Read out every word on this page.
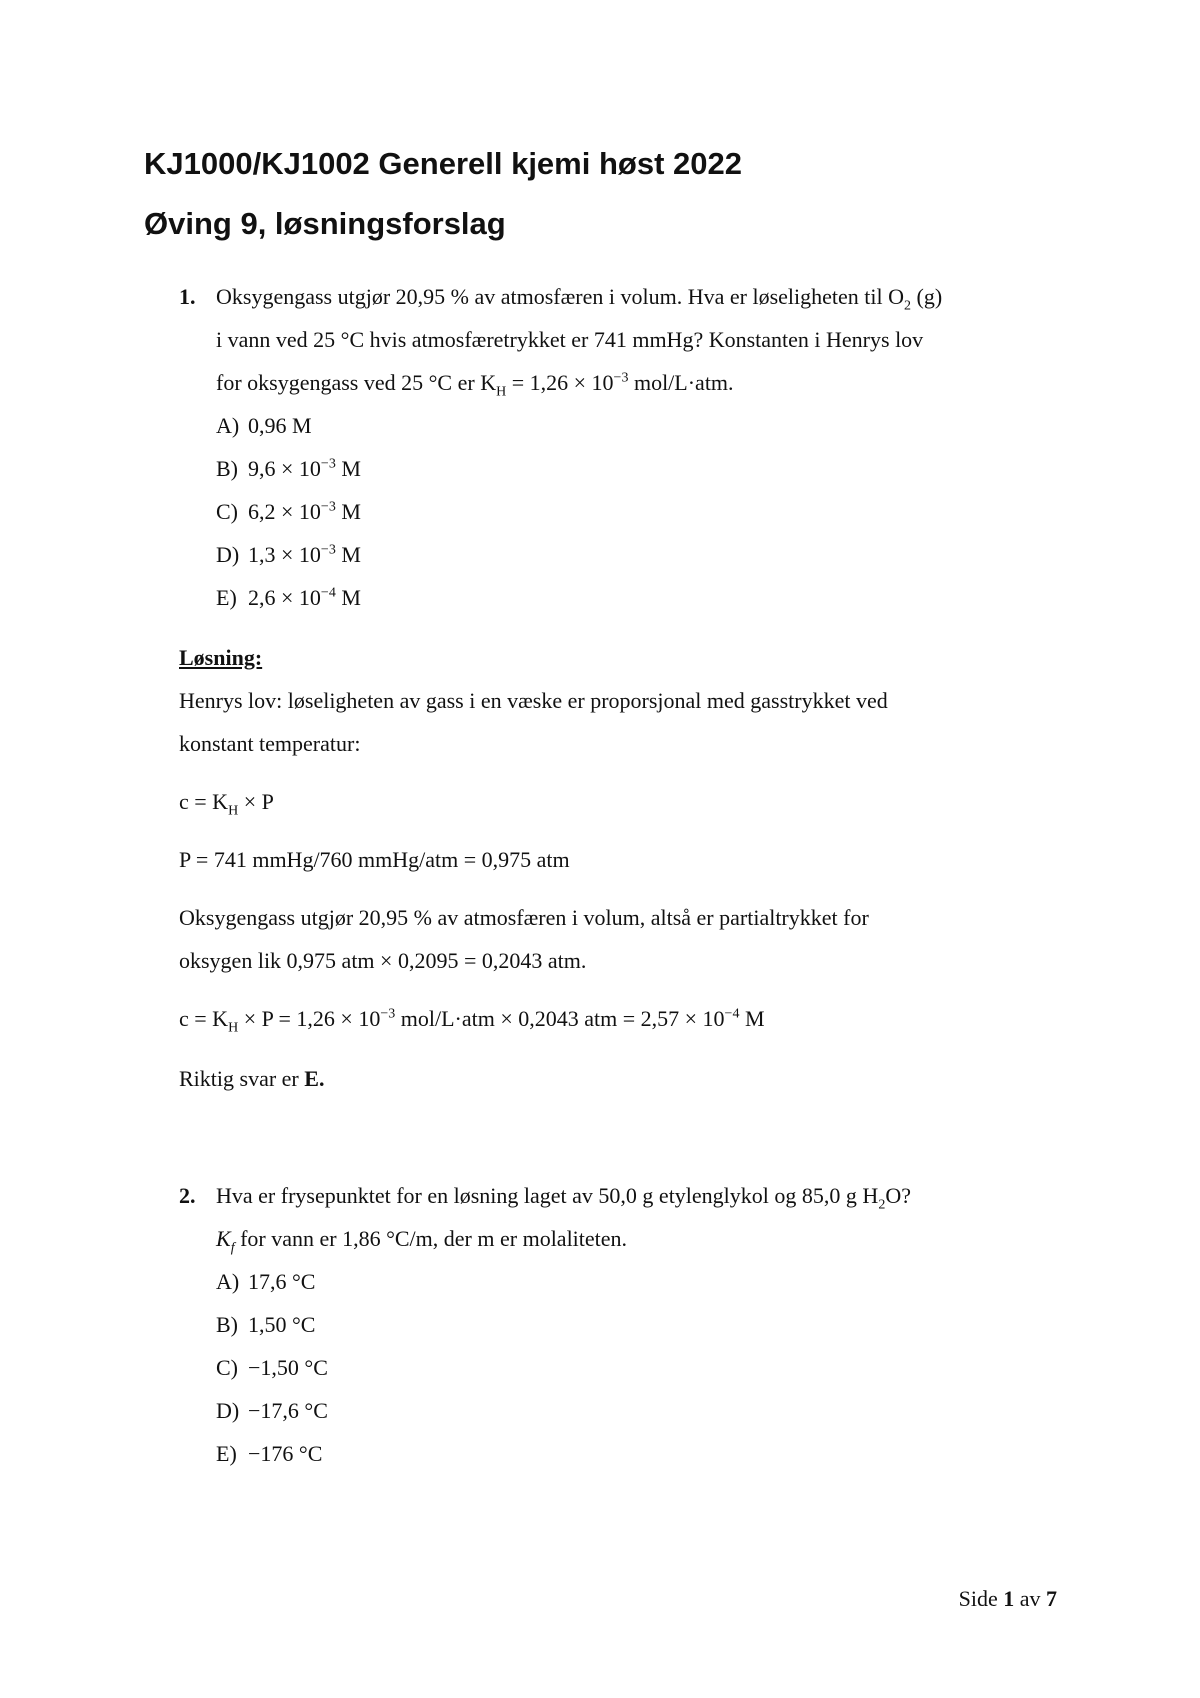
KJ1000/KJ1002 Generell kjemi høst 2022
Øving 9, løsningsforslag
1. Oksygengass utgjør 20,95 % av atmosfæren i volum. Hva er løseligheten til $O_2$ (g)
i vann ved 25 °C hvis atmosfæretrykket er 741 mmHg? Konstanten i Henrys lov
for oksygengass ved 25 °C er $K_H = 1,26 \times 10^{-3}$ mol/L·atm.
A) 0,96 M
B) $9,6 \times 10^{-3}$ M
C) $6,2 \times 10^{-3}$ M
D) $1,3 \times 10^{-3}$ M
E) $2,6 \times 10^{-4}$ M
Løsning:
Henrys lov: løseligheten av gass i en væske er proporsjonal med gasstrykket ved
konstant temperatur:
$c = K_H \times P$
P = 741 mmHg/760 mmHg/atm = 0,975 atm
Oksygengass utgjør 20,95 % av atmosfæren i volum, altså er partialtrykket for
oksygen lik 0,975 atm × 0,2095 = 0,2043 atm.
$c = K_H \times P = 1,26 \times 10^{-3}$ mol/L·atm × 0,2043 atm = $2,57 \times 10^{-4}$ M
Riktig svar er E.
2. Hva er frysepunktet for en løsning laget av 50,0 g etylenglykol og 85,0 g $H_2O$?
$K_f$ for vann er 1,86 °C/m, der m er molaliteten.
A) 17,6 °C
B) 1,50 °C
C) −1,50 °C
D) −17,6 °C
E) −176 °C
Side 1 av 7
